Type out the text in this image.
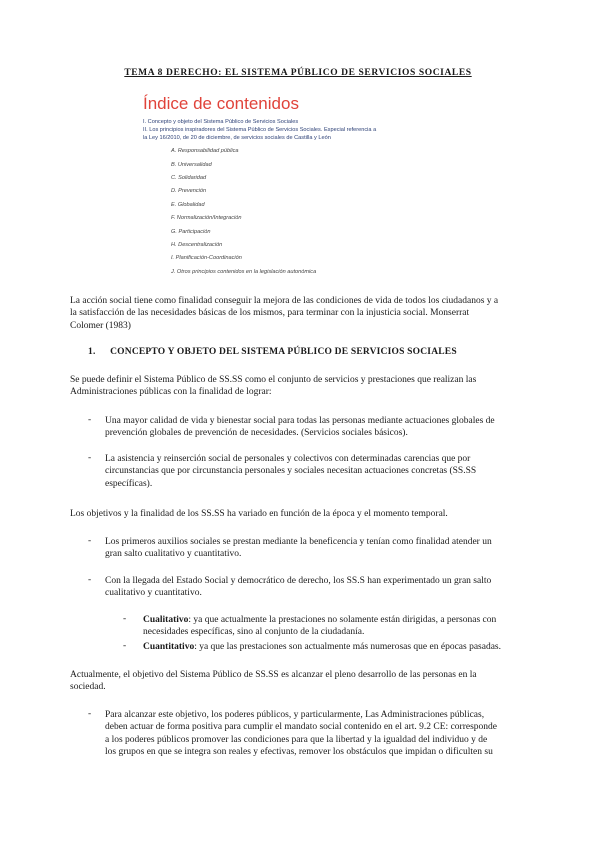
TEMA 8 DERECHO: EL SISTEMA PÚBLICO DE SERVICIOS SOCIALES
Índice de contenidos
I. Concepto y objeto del Sistema Público de Servicios Sociales
II. Los principios inspiradores del Sistema Público de Servicios Sociales. Especial referencia a
la Ley 16/2010, de 20 de diciembre, de servicios sociales de Castilla y León
A. Responsabilidad pública
B. Universalidad
C. Solidaridad
D. Prevención
E. Globalidad
F. Normalización/Integración
G. Participación
H. Descentralización
I. Planificación-Coordinación
J. Otros principios contenidos en la legislación autonómica
La acción social tiene como finalidad conseguir la mejora de las condiciones de vida de todos los ciudadanos y a
la satisfacción de las necesidades básicas de los mismos, para terminar con la injusticia social. Monserrat
Colomer (1983)
1. CONCEPTO Y OBJETO DEL SISTEMA PÚBLICO DE SERVICIOS SOCIALES
Se puede definir el Sistema Público de SS.SS como el conjunto de servicios y prestaciones que realizan las
Administraciones públicas con la finalidad de lograr:
- Una mayor calidad de vida y bienestar social para todas las personas mediante actuaciones globales de
prevención globales de prevención de necesidades. (Servicios sociales básicos).
- La asistencia y reinserción social de personales y colectivos con determinadas carencias que por
circunstancias que por circunstancia personales y sociales necesitan actuaciones concretas (SS.SS
específicas).
Los objetivos y la finalidad de los SS.SS ha variado en función de la época y el momento temporal.
- Los primeros auxilios sociales se prestan mediante la beneficencia y tenían como finalidad atender un
gran salto cualitativo y cuantitativo.
- Con la llegada del Estado Social y democrático de derecho, los SS.S han experimentado un gran salto
cualitativo y cuantitativo.
- Cualitativo: ya que actualmente la prestaciones no solamente están dirigidas, a personas con
necesidades específicas, sino al conjunto de la ciudadanía.
- Cuantitativo: ya que las prestaciones son actualmente más numerosas que en épocas pasadas.
Actualmente, el objetivo del Sistema Público de SS.SS es alcanzar el pleno desarrollo de las personas en la
sociedad.
- Para alcanzar este objetivo, los poderes públicos, y particularmente, Las Administraciones públicas,
deben actuar de forma positiva para cumplir el mandato social contenido en el art. 9.2 CE: corresponde
a los poderes públicos promover las condiciones para que la libertad y la igualdad del individuo y de
los grupos en que se integra son reales y efectivas, remover los obstáculos que impidan o dificulten su
